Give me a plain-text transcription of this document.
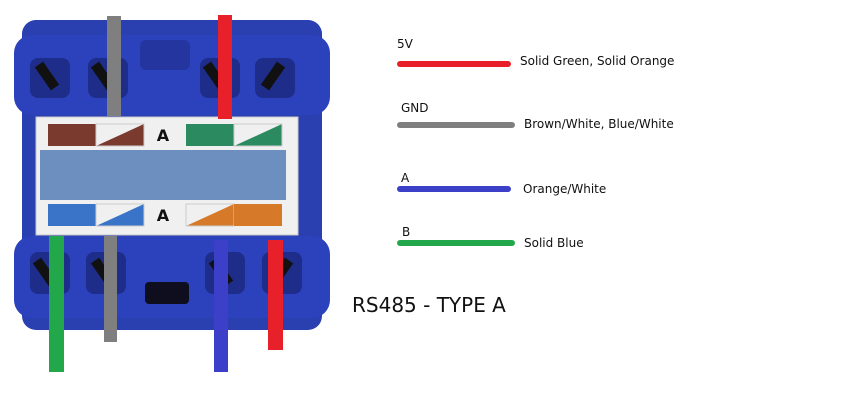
A
A
5V
Solid Green, Solid Orange
GND
Brown/White, Blue/White
A
Orange/White
B
Solid Blue
RS485 - TYPE A
